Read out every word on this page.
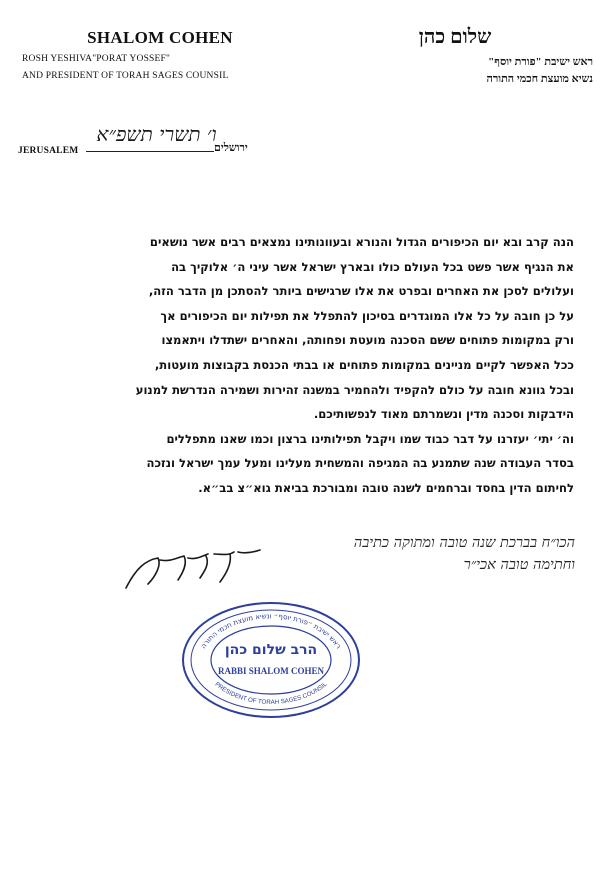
SHALOM COHEN
ROSH YESHIVA"PORAT YOSSEF"
AND PRESIDENT OF TORAH SAGES COUNSIL
שלום כהן
ראש ישיבת "פורת יוסף"
נשיא מועצת חכמי התורה
JERUSALEM
ו׳ תשרי תשפ״א
ירושלים

הנה קרב ובא יום הכיפורים הגדול והנורא ובעוונותינו נמצאים רבים אשר נושאים

את הנגיף אשר פשט בכל העולם כולו ובארץ ישראל אשר עיני ה׳ אלוקיך בה

ועלולים לסכן את האחרים ובפרט את אלו שרגישים ביותר להסתכן מן הדבר הזה,

על כן חובה על כל אלו המוגדרים בסיכון להתפלל את תפילות יום הכיפורים אך

ורק במקומות פתוחים ששם הסכנה מועטת ופחותה, והאחרים ישתדלו ויתאמצו

ככל האפשר לקיים מניינים במקומות פתוחים או בבתי הכנסת בקבוצות מועטות,

ובכל גוונא חובה על כולם להקפיד ולהחמיר במשנה זהירות ושמירה הנדרשת למנוע

הידבקות וסכנה מדין ונשמרתם מאוד לנפשותיכם.

וה׳ יתי׳ יעזרנו על דבר כבוד שמו ויקבל תפילותינו ברצון וכמו שאנו מתפללים

בסדר העבודה שנה שתמנע בה המגיפה והמשחית מעלינו ומעל עמך ישראל ונזכה

לחיתום הדין בחסד וברחמים לשנה טובה ומבורכת בביאת גוא״צ בב״א.

הכו״ח בברכת שנה טובה ומתוקה כתיבה
וחתימה טובה אכי״ר
ראש ישיבת ״פורת יוסף״ ונשיא מועצת חכמי התורה
הרב שלום כהן
RABBI SHALOM COHEN
PRESIDENT OF TORAH SAGES COUNSIL
